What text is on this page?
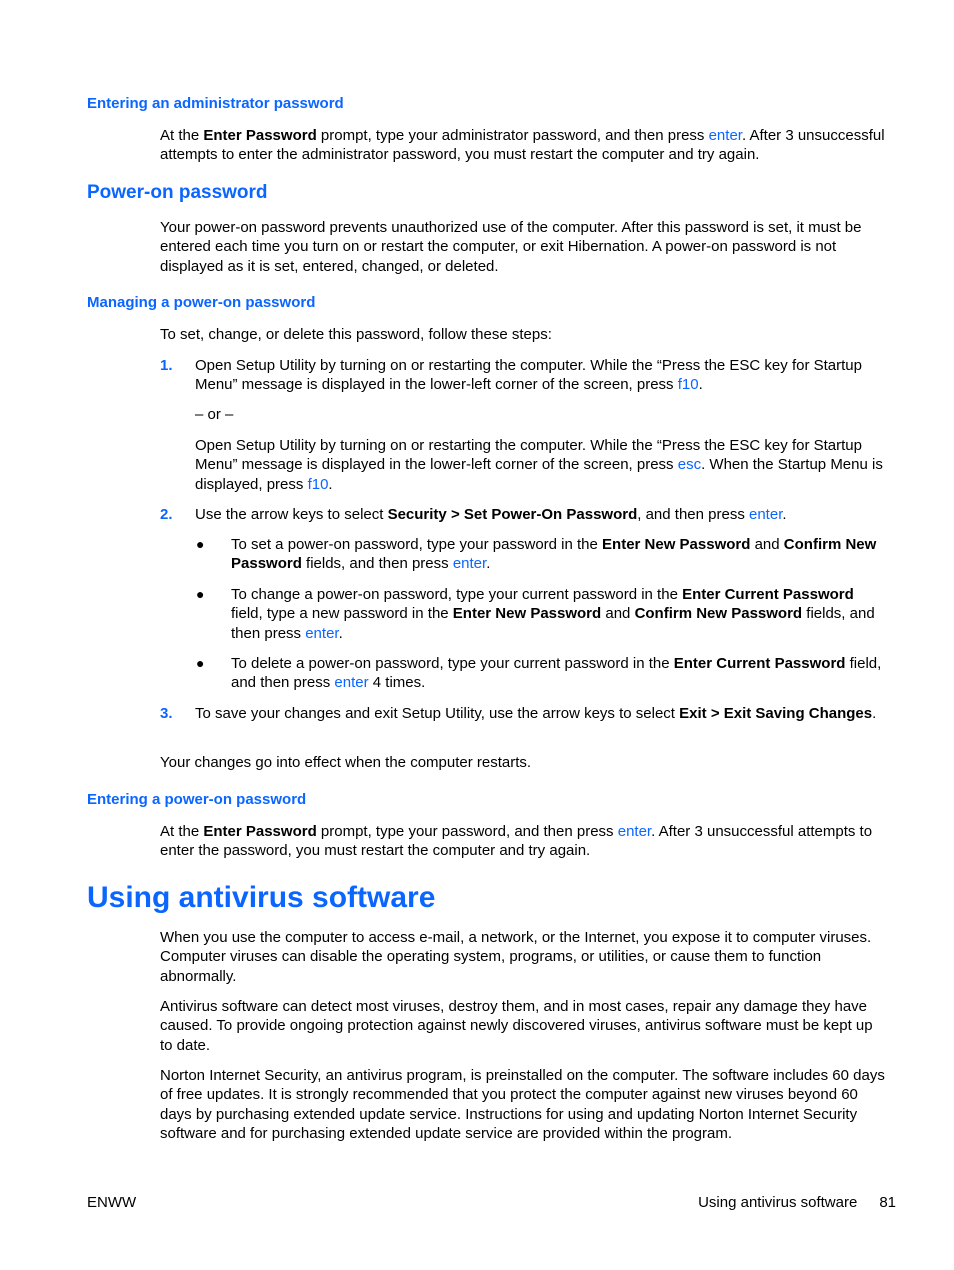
Entering an administrator password
At the Enter Password prompt, type your administrator password, and then press enter. After 3 unsuccessful attempts to enter the administrator password, you must restart the computer and try again.
Power-on password
Your power-on password prevents unauthorized use of the computer. After this password is set, it must be entered each time you turn on or restart the computer, or exit Hibernation. A power-on password is not displayed as it is set, entered, changed, or deleted.
Managing a power-on password
To set, change, or delete this password, follow these steps:
1. Open Setup Utility by turning on or restarting the computer. While the “Press the ESC key for Startup Menu” message is displayed in the lower-left corner of the screen, press f10.
– or –
Open Setup Utility by turning on or restarting the computer. While the “Press the ESC key for Startup Menu” message is displayed in the lower-left corner of the screen, press esc. When the Startup Menu is displayed, press f10.
2. Use the arrow keys to select Security > Set Power-On Password, and then press enter.
● To set a power-on password, type your password in the Enter New Password and Confirm New Password fields, and then press enter.
● To change a power-on password, type your current password in the Enter Current Password field, type a new password in the Enter New Password and Confirm New Password fields, and then press enter.
● To delete a power-on password, type your current password in the Enter Current Password field, and then press enter 4 times.
3. To save your changes and exit Setup Utility, use the arrow keys to select Exit > Exit Saving Changes.
Your changes go into effect when the computer restarts.
Entering a power-on password
At the Enter Password prompt, type your password, and then press enter. After 3 unsuccessful attempts to enter the password, you must restart the computer and try again.
Using antivirus software
When you use the computer to access e-mail, a network, or the Internet, you expose it to computer viruses. Computer viruses can disable the operating system, programs, or utilities, or cause them to function abnormally.
Antivirus software can detect most viruses, destroy them, and in most cases, repair any damage they have caused. To provide ongoing protection against newly discovered viruses, antivirus software must be kept up to date.
Norton Internet Security, an antivirus program, is preinstalled on the computer. The software includes 60 days of free updates. It is strongly recommended that you protect the computer against new viruses beyond 60 days by purchasing extended update service. Instructions for using and updating Norton Internet Security software and for purchasing extended update service are provided within the program.
ENWW	Using antivirus software 81
